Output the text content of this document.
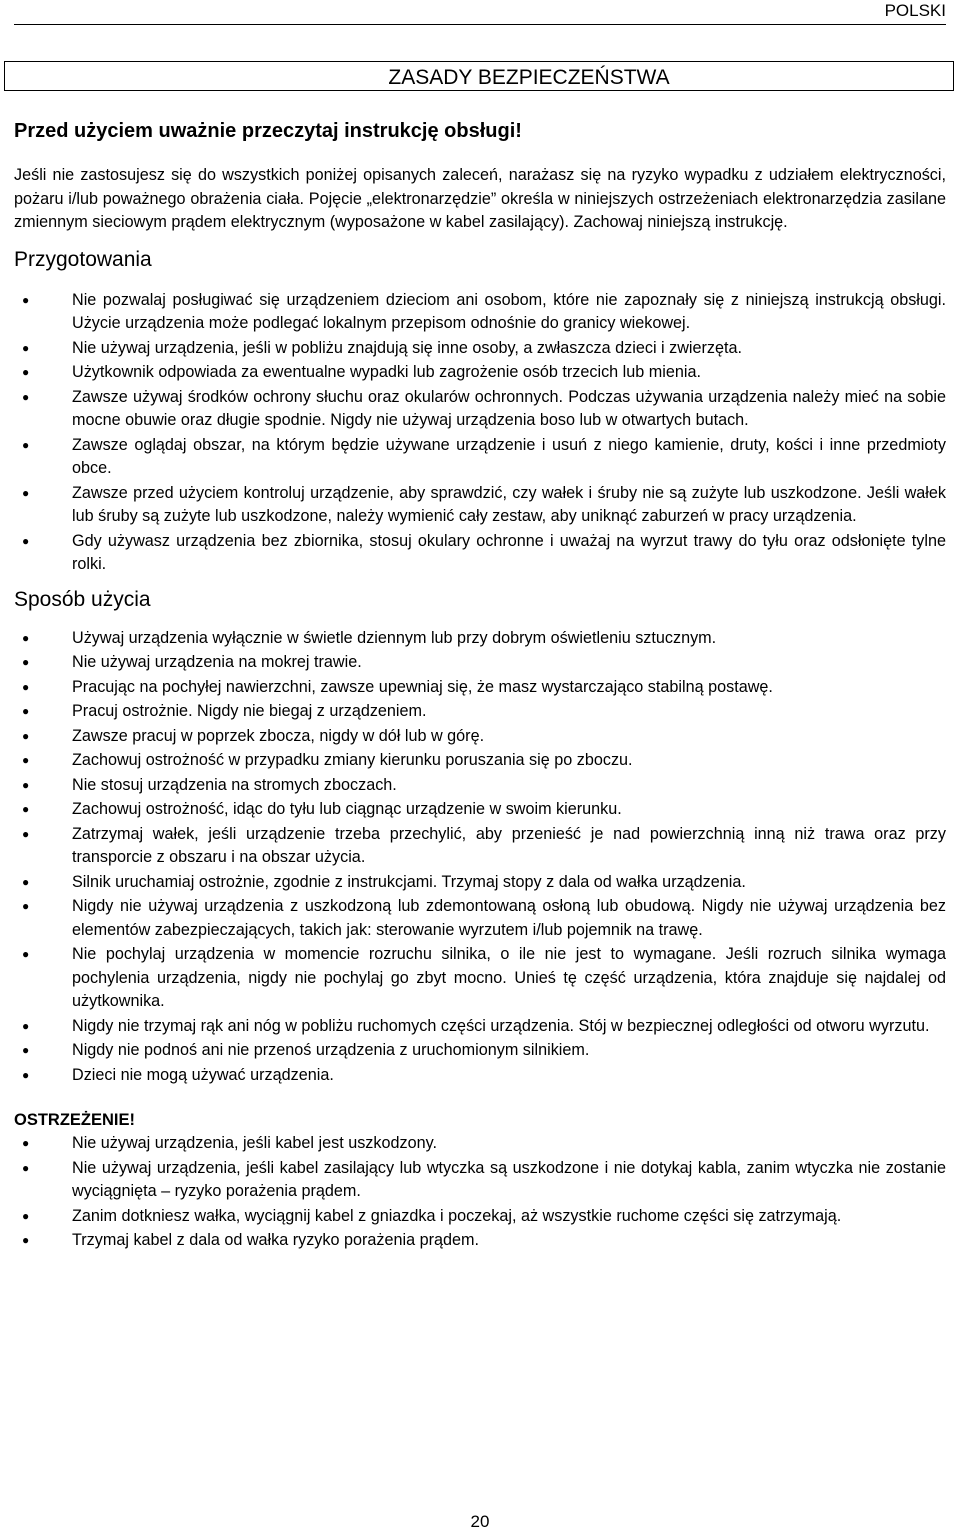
POLSKI
ZASADY BEZPIECZEŃSTWA

Przed użyciem uważnie przeczytaj instrukcję obsługi!

Jeśli nie zastosujesz się do wszystkich poniżej opisanych zaleceń, narażasz się na ryzyko wypadku z udziałem elektryczności, pożaru i/lub poważnego obrażenia ciała. Pojęcie „elektronarzędzie” określa w niniejszych ostrzeżeniach elektronarzędzia zasilane zmiennym sieciowym prądem elektrycznym (wyposażone w kabel zasilający). Zachowaj niniejszą instrukcję.

Przygotowania
●	Nie pozwalaj posługiwać się urządzeniem dzieciom ani osobom, które nie zapoznały się z niniejszą instrukcją obsługi. Użycie urządzenia może podlegać lokalnym przepisom odnośnie do granicy wiekowej.
●	Nie używaj urządzenia, jeśli w pobliżu znajdują się inne osoby, a zwłaszcza dzieci i zwierzęta.
●	Użytkownik odpowiada za ewentualne wypadki lub zagrożenie osób trzecich lub mienia.
●	Zawsze używaj środków ochrony słuchu oraz okularów ochronnych. Podczas używania urządzenia należy mieć na sobie mocne obuwie oraz długie spodnie. Nigdy nie używaj urządzenia boso lub w otwartych butach.
●	Zawsze oglądaj obszar, na którym będzie używane urządzenie i usuń z niego kamienie, druty, kości i inne przedmioty obce.
●	Zawsze przed użyciem kontroluj urządzenie, aby sprawdzić, czy wałek i śruby nie są zużyte lub uszkodzone. Jeśli wałek lub śruby są zużyte lub uszkodzone, należy wymienić cały zestaw, aby uniknąć zaburzeń w pracy urządzenia.
●	Gdy używasz urządzenia bez zbiornika, stosuj okulary ochronne i uważaj na wyrzut trawy do tyłu oraz odsłonięte tylne rolki.
Sposób użycia
●	Używaj urządzenia wyłącznie w świetle dziennym lub przy dobrym oświetleniu sztucznym.
●	Nie używaj urządzenia na mokrej trawie.
●	Pracując na pochyłej nawierzchni, zawsze upewniaj się, że masz wystarczająco stabilną postawę.
●	Pracuj ostrożnie. Nigdy nie biegaj z urządzeniem.
●	Zawsze pracuj w poprzek zbocza, nigdy w dół lub w górę.
●	Zachowuj ostrożność w przypadku zmiany kierunku poruszania się po zboczu.
●	Nie stosuj urządzenia na stromych zboczach.
●	Zachowuj ostrożność, idąc do tyłu lub ciągnąc urządzenie w swoim kierunku.
●	Zatrzymaj wałek, jeśli urządzenie trzeba przechylić, aby przenieść je nad powierzchnią inną niż trawa oraz przy transporcie z obszaru i na obszar użycia.
●	Silnik uruchamiaj ostrożnie, zgodnie z instrukcjami. Trzymaj stopy z dala od wałka urządzenia.
●	Nigdy nie używaj urządzenia z uszkodzoną lub zdemontowaną osłoną lub obudową. Nigdy nie używaj urządzenia bez elementów zabezpieczających, takich jak: sterowanie wyrzutem i/lub pojemnik na trawę.
●	Nie pochylaj urządzenia w momencie rozruchu silnika, o ile nie jest to wymagane. Jeśli rozruch silnika wymaga pochylenia urządzenia, nigdy nie pochylaj go zbyt mocno. Unieś tę część urządzenia, która znajduje się najdalej od użytkownika.
●	Nigdy nie trzymaj rąk ani nóg w pobliżu ruchomych części urządzenia. Stój w bezpiecznej odległości od otworu wyrzutu.
●	Nigdy nie podnoś ani nie przenoś urządzenia z uruchomionym silnikiem.
●	Dzieci nie mogą używać urządzenia.

OSTRZEŻENIE!

●	Nie używaj urządzenia, jeśli kabel jest uszkodzony.
●	Nie używaj urządzenia, jeśli kabel zasilający lub wtyczka są uszkodzone i nie dotykaj kabla, zanim wtyczka nie zostanie wyciągnięta – ryzyko porażenia prądem.
●	Zanim dotkniesz wałka, wyciągnij kabel z gniazdka i poczekaj, aż wszystkie ruchome części się zatrzymają.
●	Trzymaj kabel z dala od wałka ryzyko porażenia prądem.
20
